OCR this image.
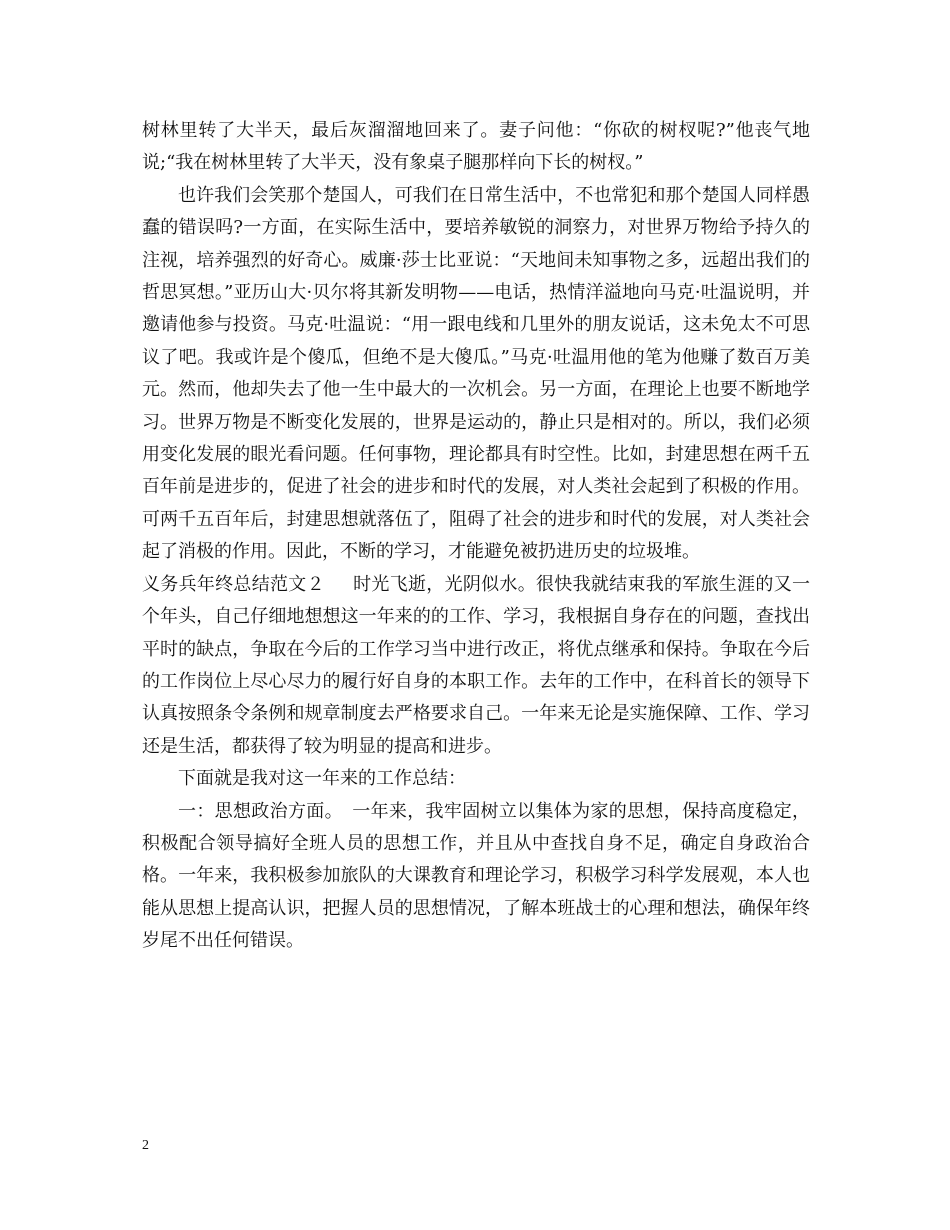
树林里转了大半天，最后灰溜溜地回来了。妻子问他：“你砍的树杈呢?”他丧气地说;“我在树林里转了大半天，没有象桌子腿那样向下长的树杈。”

也许我们会笑那个楚国人，可我们在日常生活中，不也常犯和那个楚国人同样愚蠢的错误吗?一方面，在实际生活中，要培养敏锐的洞察力，对世界万物给予持久的注视，培养强烈的好奇心。威廉·莎士比亚说：“天地间未知事物之多，远超出我们的哲思冥想。”亚历山大·贝尔将其新发明物——电话，热情洋溢地向马克·吐温说明，并邀请他参与投资。马克·吐温说：“用一跟电线和几里外的朋友说话，这未免太不可思议了吧。我或许是个傻瓜，但绝不是大傻瓜。”马克·吐温用他的笔为他赚了数百万美元。然而，他却失去了他一生中最大的一次机会。另一方面，在理论上也要不断地学习。世界万物是不断变化发展的，世界是运动的，静止只是相对的。所以，我们必须用变化发展的眼光看问题。任何事物，理论都具有时空性。比如，封建思想在两千五百年前是进步的，促进了社会的进步和时代的发展，对人类社会起到了积极的作用。可两千五百年后，封建思想就落伍了，阻碍了社会的进步和时代的发展，对人类社会起了消极的作用。因此，不断的学习，才能避免被扔进历史的垃圾堆。

义务兵年终总结范文２ 时光飞逝，光阴似水。很快我就结束我的军旅生涯的又一个年头，自己仔细地想想这一年来的的工作、学习，我根据自身存在的问题，查找出平时的缺点，争取在今后的工作学习当中进行改正，将优点继承和保持。争取在今后的工作岗位上尽心尽力的履行好自身的本职工作。去年的工作中，在科首长的领导下认真按照条令条例和规章制度去严格要求自己。一年来无论是实施保障、工作、学习还是生活，都获得了较为明显的提高和进步。

下面就是我对这一年来的工作总结：

一：思想政治方面。　 一年来，我牢固树立以集体为家的思想，保持高度稳定，积极配合领导搞好全班人员的思想工作，并且从中查找自身不足，确定自身政治合格。一年来，我积极参加旅队的大课教育和理论学习，积极学习科学发展观，本人也能从思想上提高认识，把握人员的思想情况，了解本班战士的心理和想法，确保年终岁尾不出任何错误。

2
